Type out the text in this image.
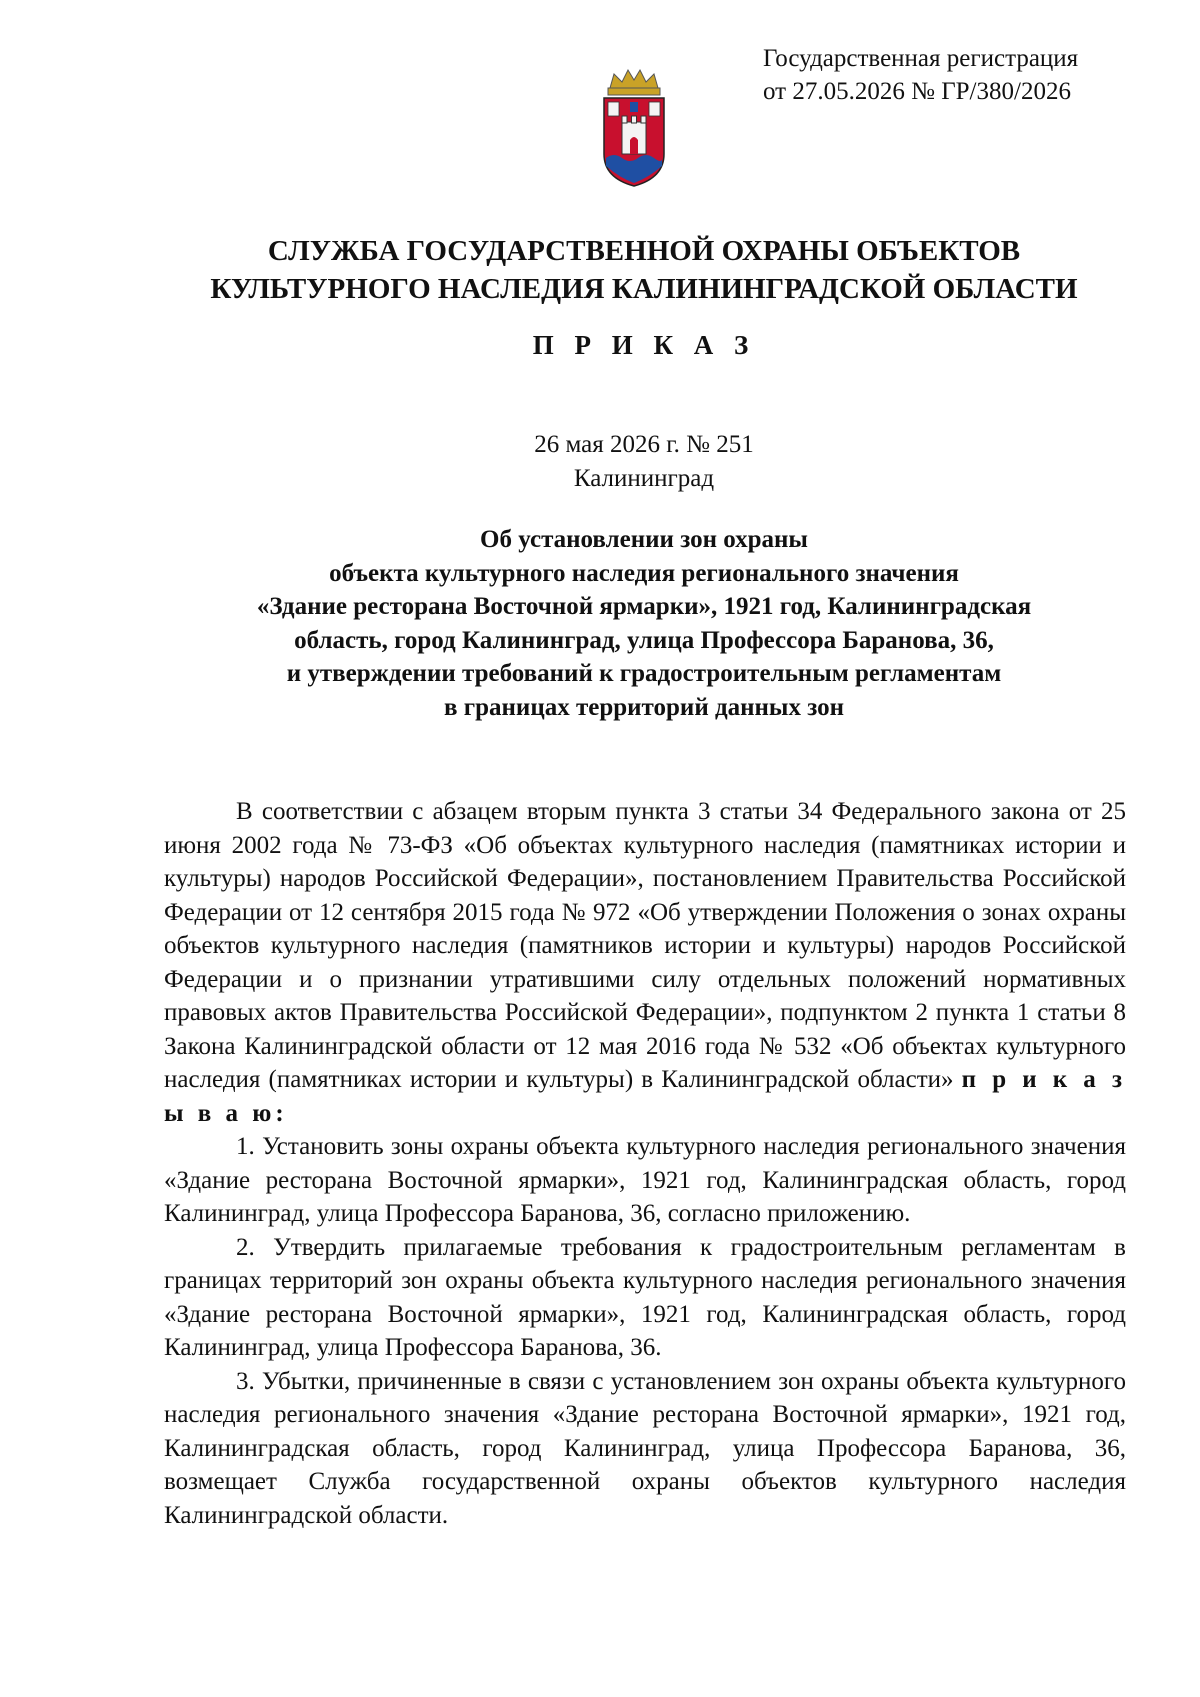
Государственная регистрация
от 27.05.2026 № ГР/380/2026
СЛУЖБА ГОСУДАРСТВЕННОЙ ОХРАНЫ ОБЪЕКТОВ
КУЛЬТУРНОГО НАСЛЕДИЯ КАЛИНИНГРАДСКОЙ ОБЛАСТИ
П Р И К А З
26 мая 2026 г. № 251
Калининград
Об установлении зон охраны
объекта культурного наследия регионального значения
«Здание ресторана Восточной ярмарки», 1921 год, Калининградская
область, город Калининград, улица Профессора Баранова, 36,
и утверждении требований к градостроительным регламентам
в границах территорий данных зон

В соответствии с абзацем вторым пункта 3 статьи 34 Федерального закона от 25 июня 2002 года № 73-ФЗ «Об объектах культурного наследия (памятниках истории и культуры) народов Российской Федерации», постановлением Правительства Российской Федерации от 12 сентября 2015 года № 972 «Об утверждении Положения о зонах охраны объектов культурного наследия (памятников истории и культуры) народов Российской Федерации и о признании утратившими силу отдельных положений нормативных правовых актов Правительства Российской Федерации», подпунктом 2 пункта 1 статьи 8 Закона Калининградской области от 12 мая 2016 года № 532 «Об объектах культурного наследия (памятниках истории и культуры) в Калининградской области» п р и к а з ы в а ю:

1. Установить зоны охраны объекта культурного наследия регионального значения «Здание ресторана Восточной ярмарки», 1921 год, Калининградская область, город Калининград, улица Профессора Баранова, 36, согласно приложению.

2. Утвердить прилагаемые требования к градостроительным регламентам в границах территорий зон охраны объекта культурного наследия регионального значения «Здание ресторана Восточной ярмарки», 1921 год, Калининградская область, город Калининград, улица Профессора Баранова, 36.

3. Убытки, причиненные в связи с установлением зон охраны объекта культурного наследия регионального значения «Здание ресторана Восточной ярмарки», 1921 год, Калининградская область, город Калининград, улица Профессора Баранова, 36, возмещает Служба государственной охраны объектов культурного наследия Калининградской области.
